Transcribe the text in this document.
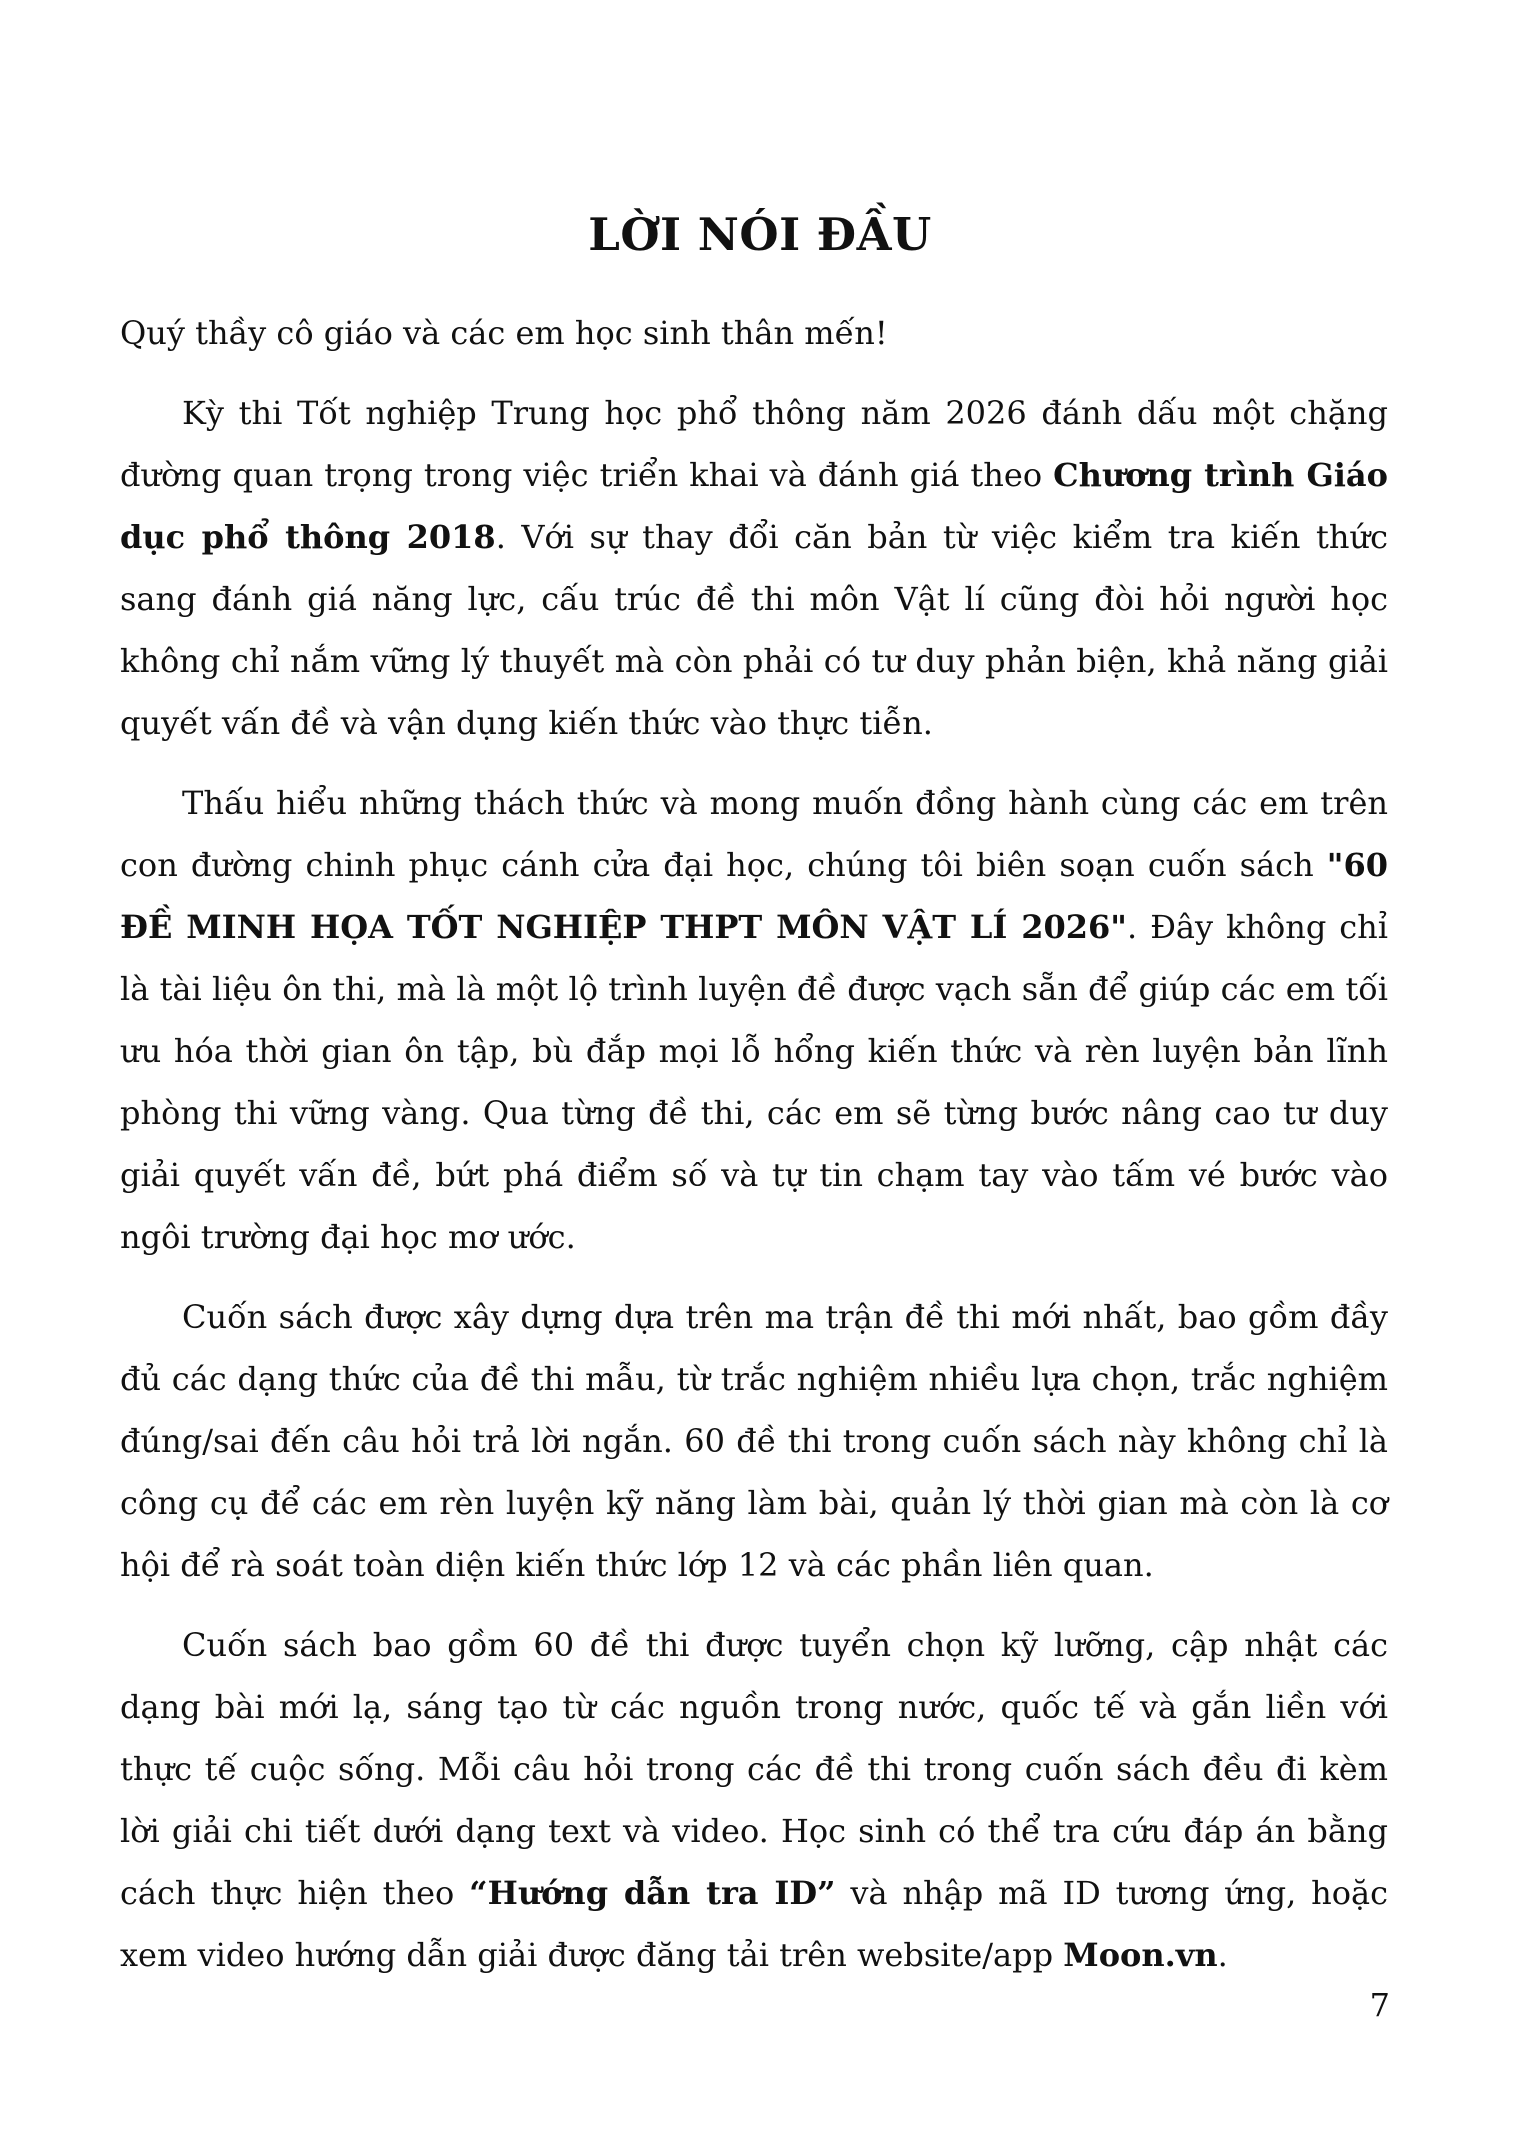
LỜI NÓI ĐẦU

Quý thầy cô giáo và các em học sinh thân mến!

Kỳ thi Tốt nghiệp Trung học phổ thông năm 2026 đánh dấu một chặng đường quan trọng trong việc triển khai và đánh giá theo Chương trình Giáo dục phổ thông 2018. Với sự thay đổi căn bản từ việc kiểm tra kiến thức sang đánh giá năng lực, cấu trúc đề thi môn Vật lí cũng đòi hỏi người học không chỉ nắm vững lý thuyết mà còn phải có tư duy phản biện, khả năng giải quyết vấn đề và vận dụng kiến thức vào thực tiễn.

Thấu hiểu những thách thức và mong muốn đồng hành cùng các em trên con đường chinh phục cánh cửa đại học, chúng tôi biên soạn cuốn sách "60 ĐỀ MINH HỌA TỐT NGHIỆP THPT MÔN VẬT LÍ 2026". Đây không chỉ là tài liệu ôn thi, mà là một lộ trình luyện đề được vạch sẵn để giúp các em tối ưu hóa thời gian ôn tập, bù đắp mọi lỗ hổng kiến thức và rèn luyện bản lĩnh phòng thi vững vàng. Qua từng đề thi, các em sẽ từng bước nâng cao tư duy giải quyết vấn đề, bứt phá điểm số và tự tin chạm tay vào tấm vé bước vào ngôi trường đại học mơ ước.

Cuốn sách được xây dựng dựa trên ma trận đề thi mới nhất, bao gồm đầy đủ các dạng thức của đề thi mẫu, từ trắc nghiệm nhiều lựa chọn, trắc nghiệm đúng/sai đến câu hỏi trả lời ngắn. 60 đề thi trong cuốn sách này không chỉ là công cụ để các em rèn luyện kỹ năng làm bài, quản lý thời gian mà còn là cơ hội để rà soát toàn diện kiến thức lớp 12 và các phần liên quan.

Cuốn sách bao gồm 60 đề thi được tuyển chọn kỹ lưỡng, cập nhật các dạng bài mới lạ, sáng tạo từ các nguồn trong nước, quốc tế và gắn liền với thực tế cuộc sống. Mỗi câu hỏi trong các đề thi trong cuốn sách đều đi kèm lời giải chi tiết dưới dạng text và video. Học sinh có thể tra cứu đáp án bằng cách thực hiện theo “Hướng dẫn tra ID” và nhập mã ID tương ứng, hoặc xem video hướng dẫn giải được đăng tải trên website/app Moon.vn.

7
